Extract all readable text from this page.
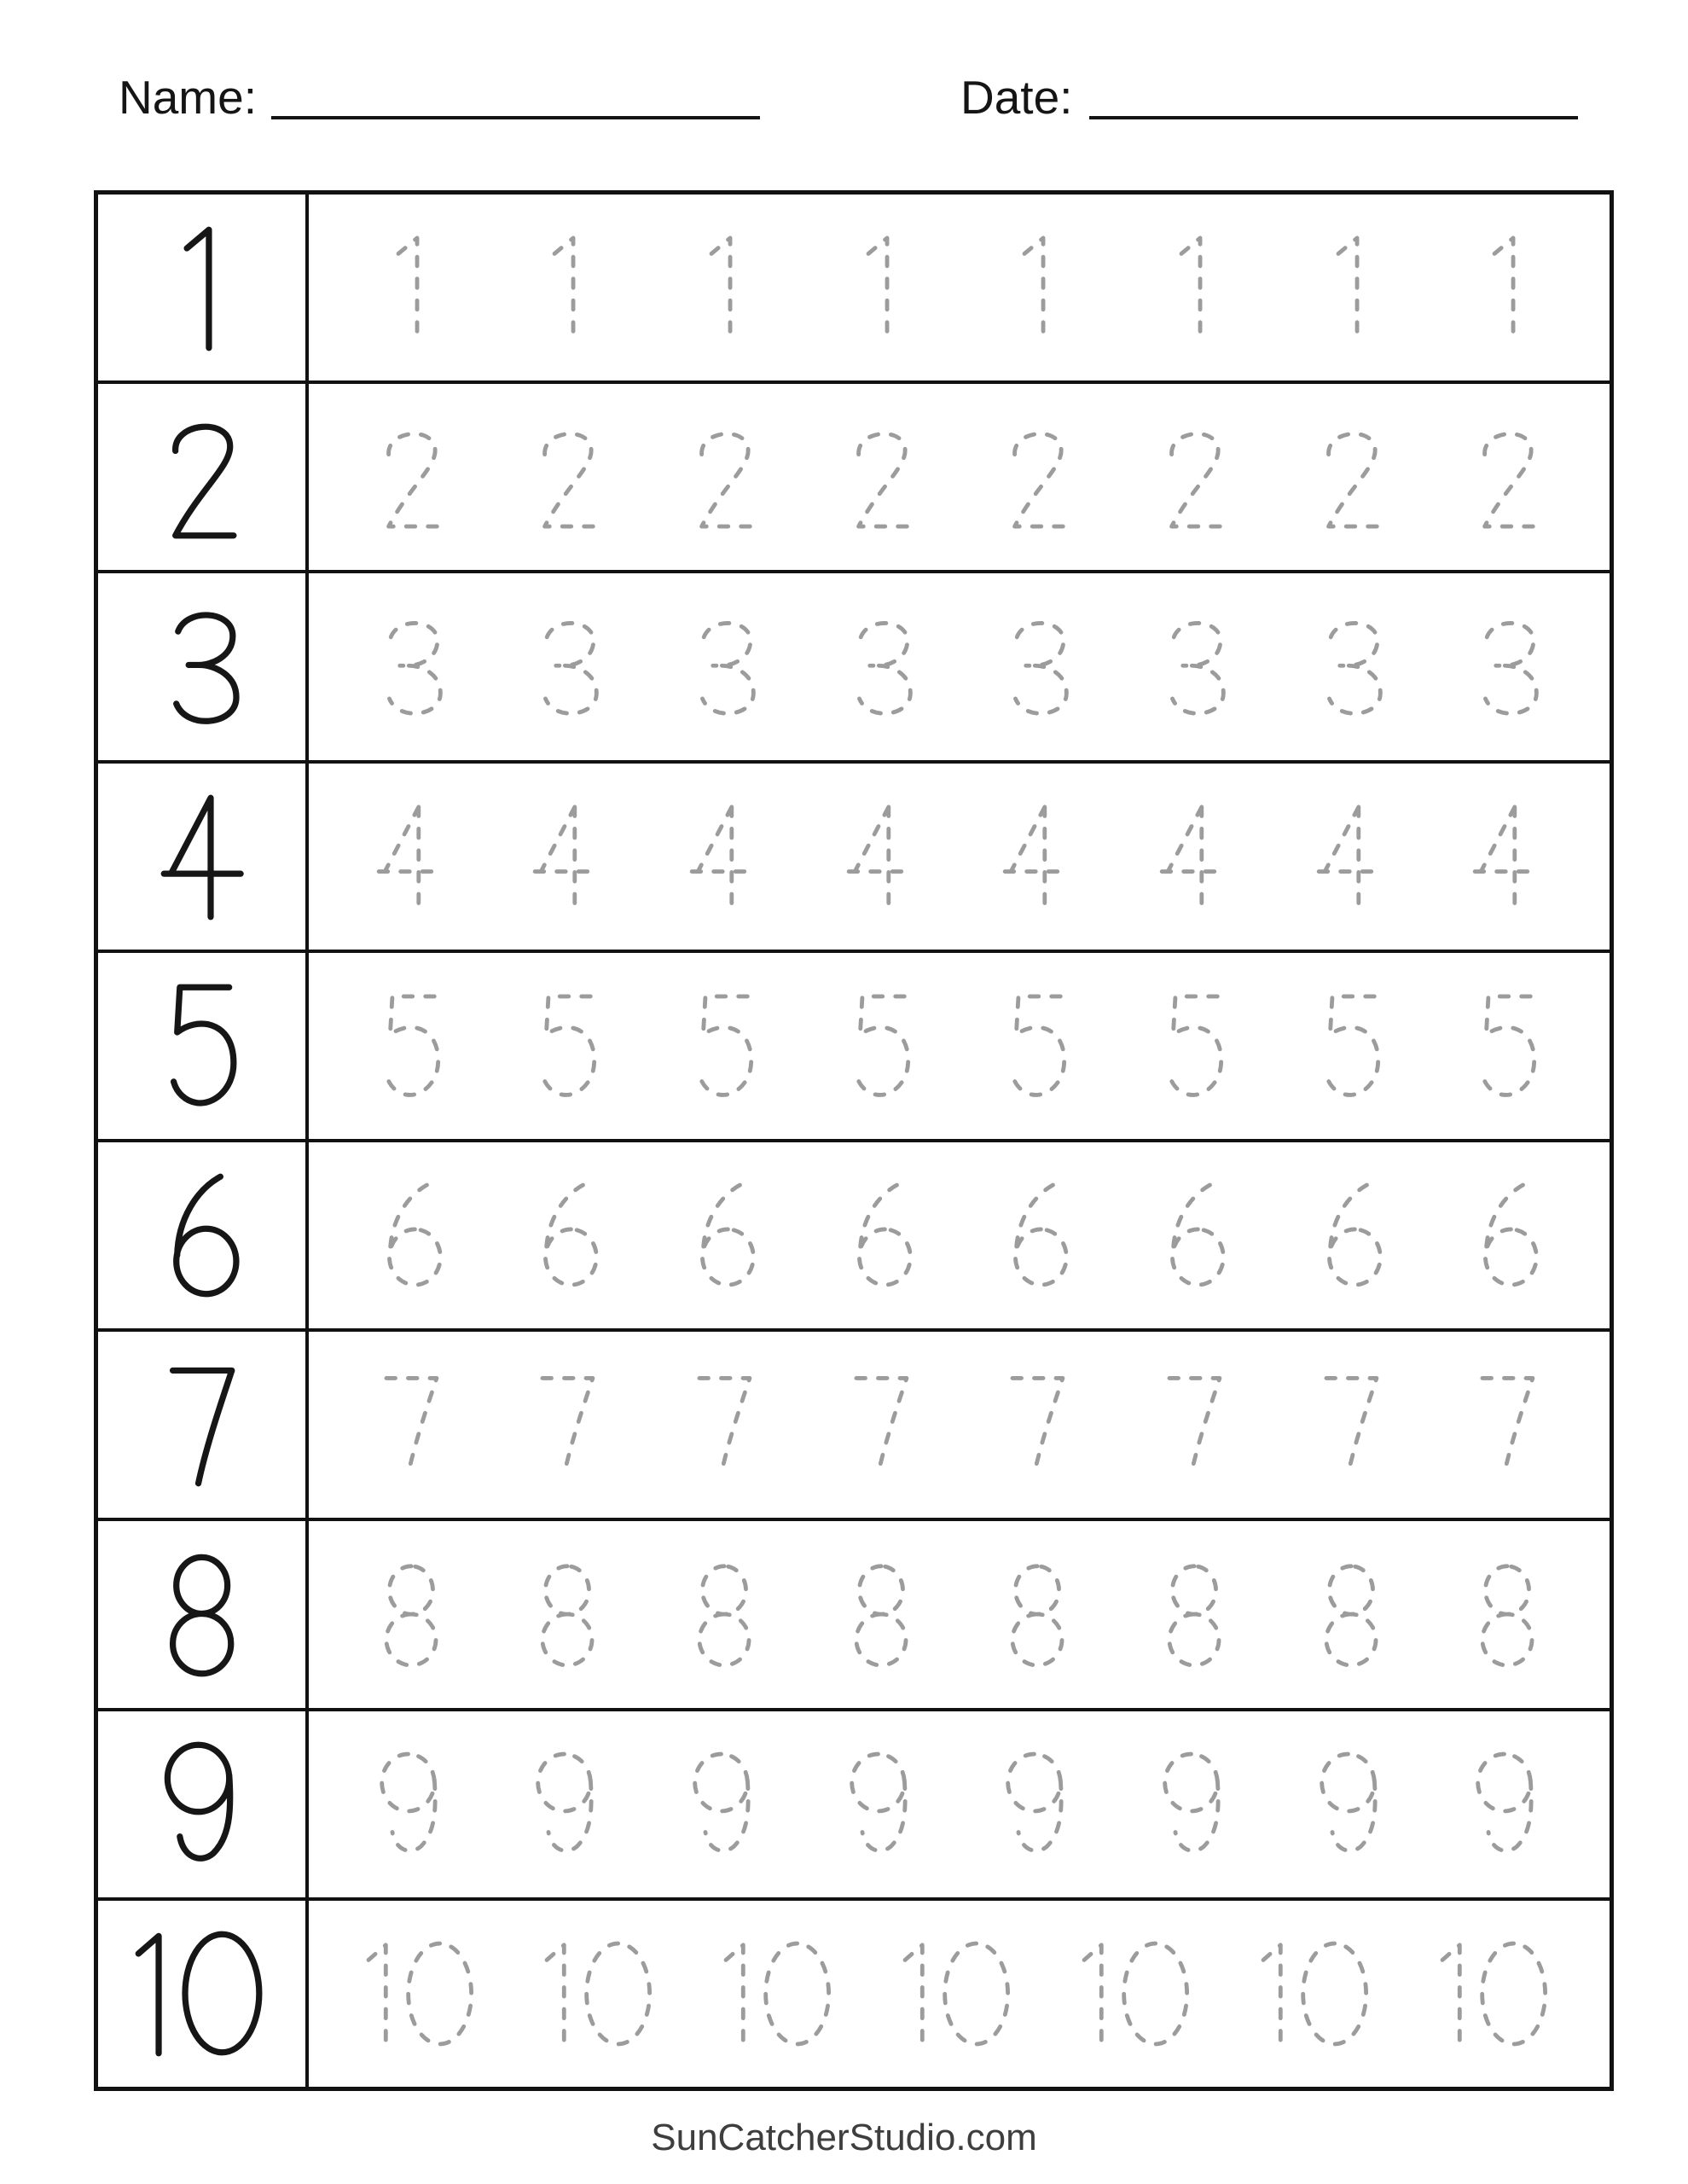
Name:	Date:
SunCatcherStudio.com
